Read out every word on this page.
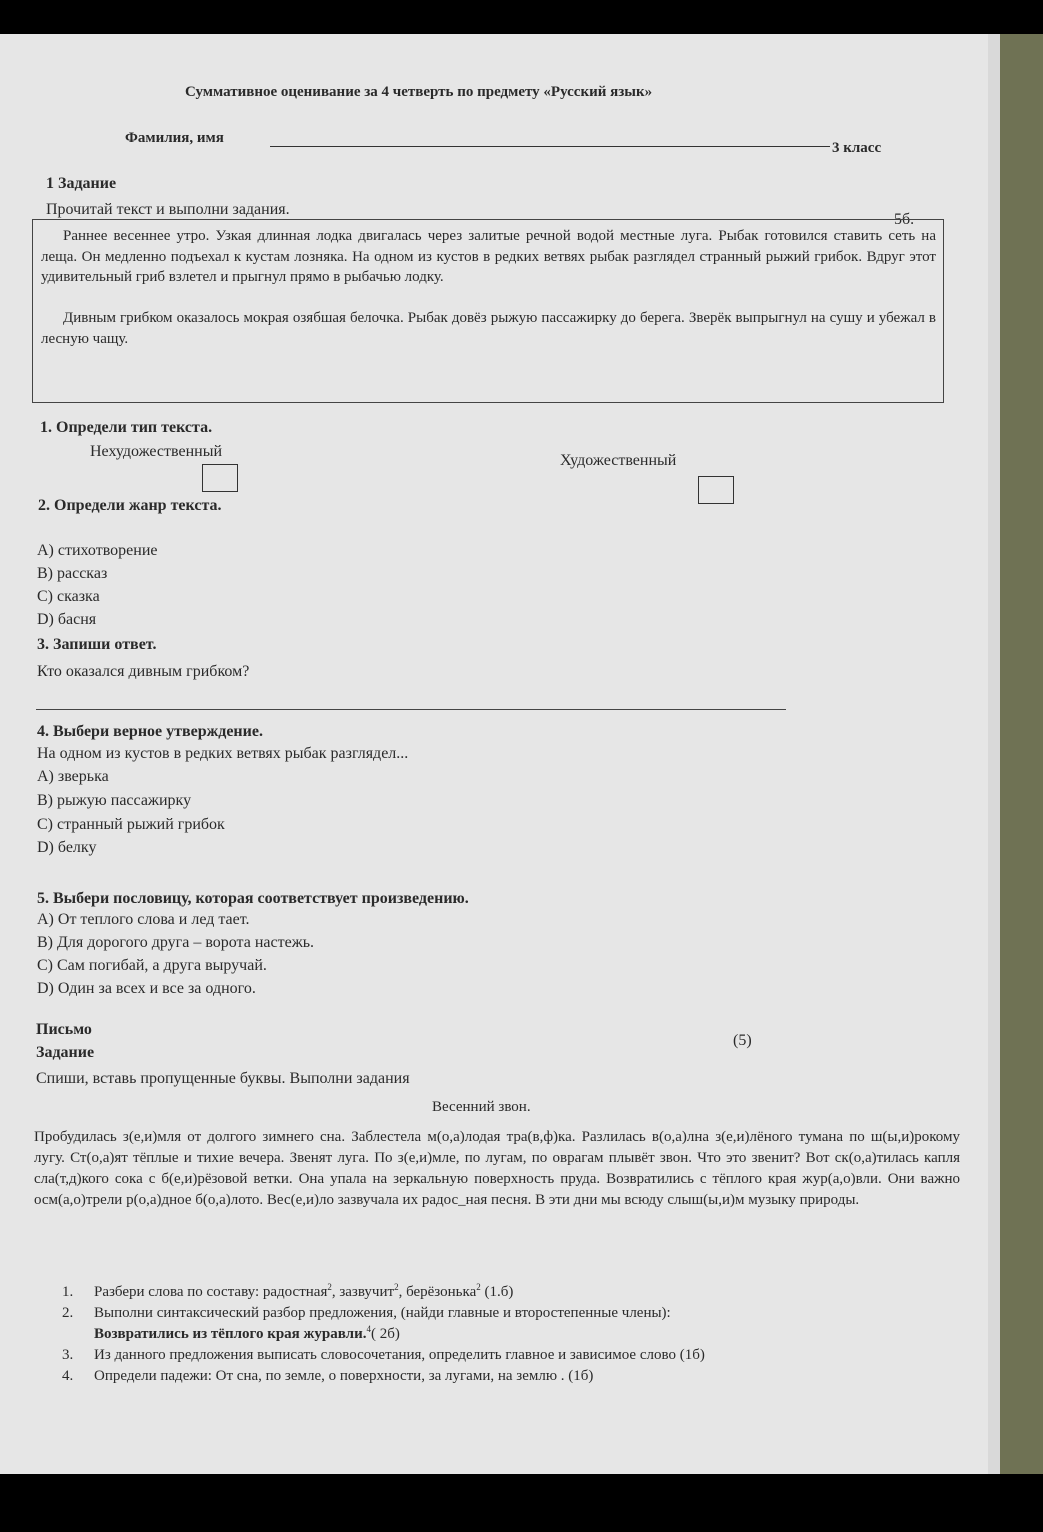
Суммативное оценивание за 4 четверть по предмету «Русский язык»
Фамилия, имя
3 класс
1 Задание
Прочитай текст и выполни задания.
5б.
Раннее весеннее утро. Узкая длинная лодка двигалась через залитые речной водой местные луга. Рыбак готовился ставить сеть на леща. Он медленно подъехал к кустам лозняка. На одном из кустов в редких ветвях рыбак разглядел странный рыжий грибок. Вдруг этот удивительный гриб взлетел и прыгнул прямо в рыбачью лодку.
Дивным грибком оказалось мокрая озябшая белочка. Рыбак довёз рыжую пассажирку до берега. Зверёк выпрыгнул на сушу и убежал в лесную чащу.
1. Определи тип текста.
Нехудожественный
Художественный
2. Определи жанр текста.
A) стихотворение
B) рассказ
C) сказка
D) басня
3. Запиши ответ.
Кто оказался дивным грибком?
4. Выбери верное утверждение.
На одном из кустов в редких ветвях рыбак разглядел...
A) зверька
B) рыжую пассажирку
C) странный рыжий грибок
D) белку
5. Выбери пословицу, которая соответствует произведению.
A) От теплого слова и лед тает.
B) Для дорогого друга – ворота настежь.
C) Сам погибай, а друга выручай.
D) Один за всех и все за одного.
Письмо
Задание
(5)
Спиши, вставь пропущенные буквы. Выполни задания
Весенний звон.
Пробудилась з(е,и)мля от долгого зимнего сна. Заблестела м(о,а)лодая тра(в,ф)ка. Разлилась в(о,а)лна з(е,и)лёного тумана по ш(ы,и)рокому лугу. Ст(о,а)ят тёплые и тихие вечера. Звенят луга. По з(е,и)мле, по лугам, по оврагам плывёт звон. Что это звенит? Вот ск(о,а)тилась капля сла(т,д)кого сока с б(е,и)рёзовой ветки. Она упала на зеркальную поверхность пруда. Возвратились с тёплого края жур(а,о)вли. Они важно осм(а,о)трели р(о,а)дное б(о,а)лото. Вес(е,и)ло зазвучала их радос_ная песня. В эти дни мы всюду слыш(ы,и)м музыку природы.
1. Разбери слова по составу: радостная$^2$, зазвучит$^2$, берёзонька$^2$ (1.б)
2. Выполни синтаксический разбор предложения, (найди главные и второстепенные члены):
Возвратились из тёплого края журавли.$^4$( 2б)
3. Из данного предложения выписать словосочетания, определить главное и зависимое слово (1б)
4. Определи падежи: От сна, по земле, о поверхности, за лугами, на землю . (1б)
